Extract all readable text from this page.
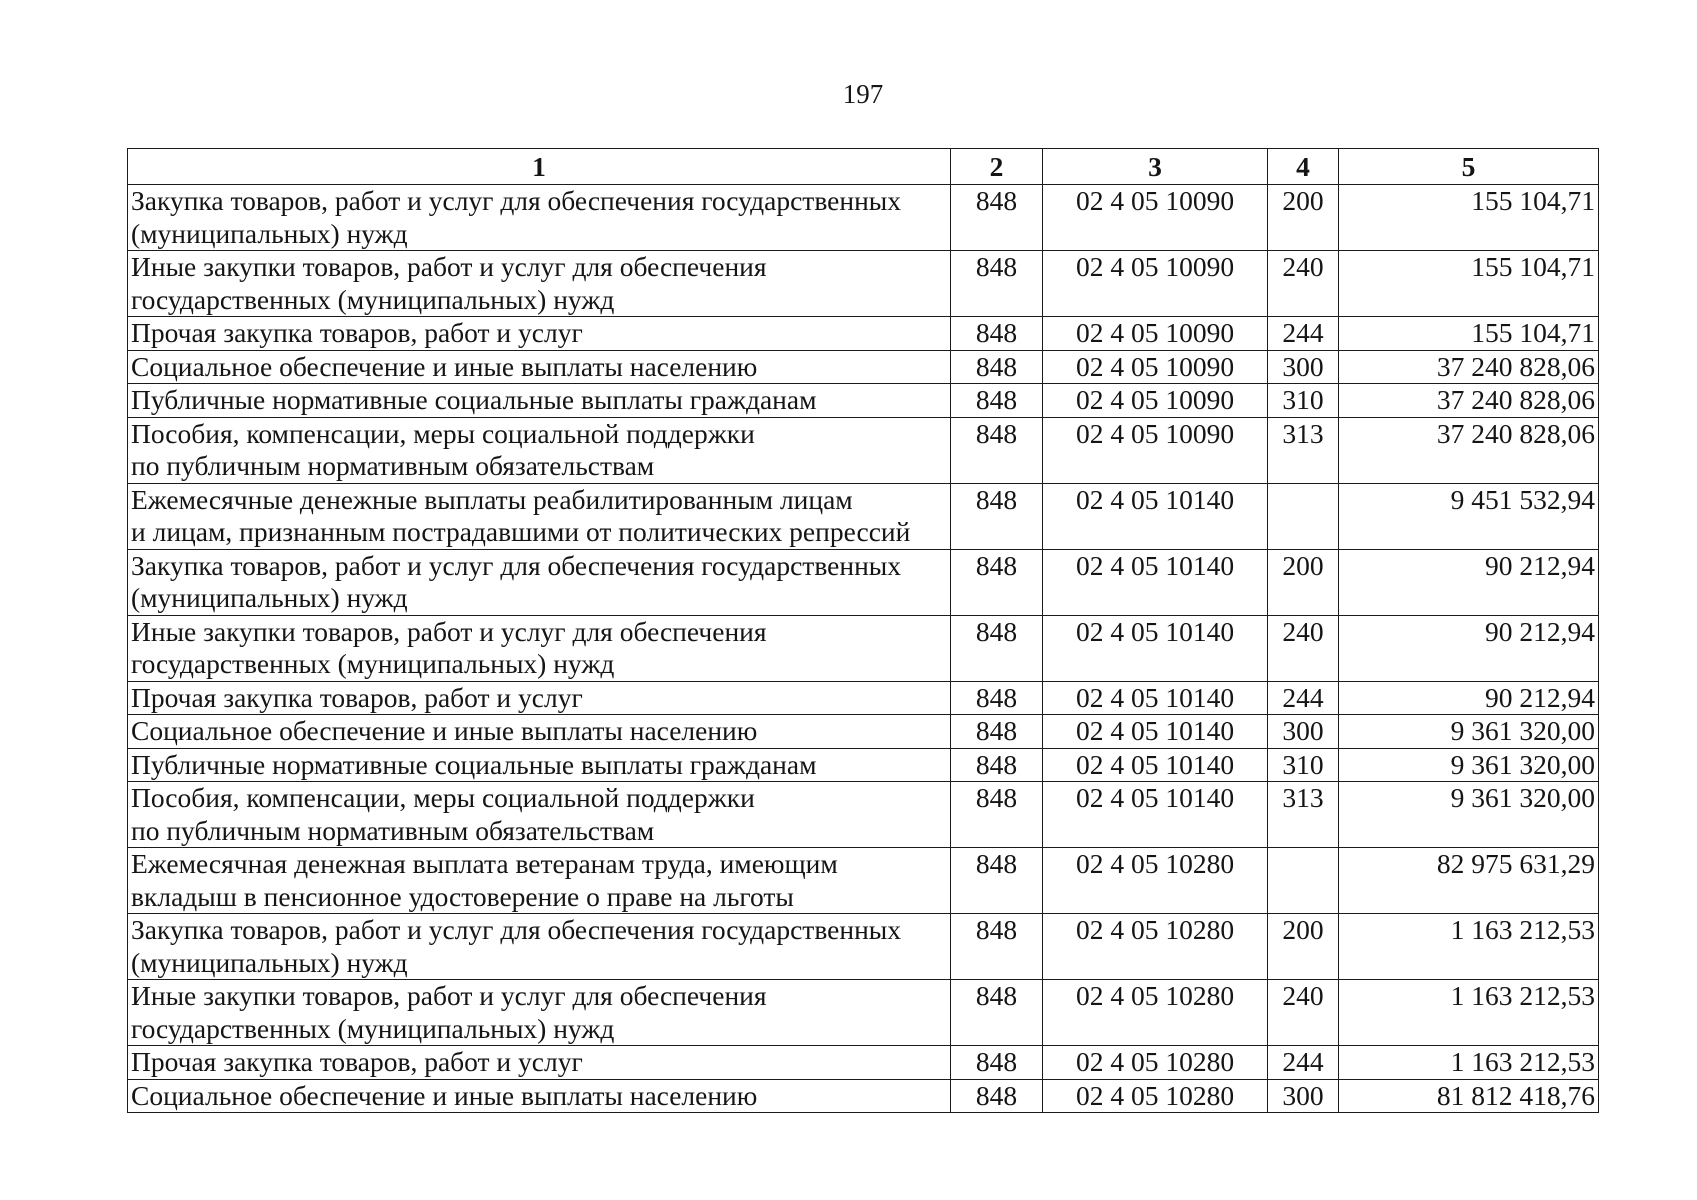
197
1	2	3	4	5
Закупка товаров, работ и услуг для обеспечения государственных
(муниципальных) нужд	848	02 4 05 10090	200	155 104,71
Иные закупки товаров, работ и услуг для обеспечения
государственных (муниципальных) нужд	848	02 4 05 10090	240	155 104,71
Прочая закупка товаров, работ и услуг	848	02 4 05 10090	244	155 104,71
Социальное обеспечение и иные выплаты населению	848	02 4 05 10090	300	37 240 828,06
Публичные нормативные социальные выплаты гражданам	848	02 4 05 10090	310	37 240 828,06
Пособия, компенсации, меры социальной поддержки
по публичным нормативным обязательствам	848	02 4 05 10090	313	37 240 828,06
Ежемесячные денежные выплаты реабилитированным лицам
и лицам, признанным пострадавшими от политических репрессий	848	02 4 05 10140		9 451 532,94
Закупка товаров, работ и услуг для обеспечения государственных
(муниципальных) нужд	848	02 4 05 10140	200	90 212,94
Иные закупки товаров, работ и услуг для обеспечения
государственных (муниципальных) нужд	848	02 4 05 10140	240	90 212,94
Прочая закупка товаров, работ и услуг	848	02 4 05 10140	244	90 212,94
Социальное обеспечение и иные выплаты населению	848	02 4 05 10140	300	9 361 320,00
Публичные нормативные социальные выплаты гражданам	848	02 4 05 10140	310	9 361 320,00
Пособия, компенсации, меры социальной поддержки
по публичным нормативным обязательствам	848	02 4 05 10140	313	9 361 320,00
Ежемесячная денежная выплата ветеранам труда, имеющим
вкладыш в пенсионное удостоверение о праве на льготы	848	02 4 05 10280		82 975 631,29
Закупка товаров, работ и услуг для обеспечения государственных
(муниципальных) нужд	848	02 4 05 10280	200	1 163 212,53
Иные закупки товаров, работ и услуг для обеспечения
государственных (муниципальных) нужд	848	02 4 05 10280	240	1 163 212,53
Прочая закупка товаров, работ и услуг	848	02 4 05 10280	244	1 163 212,53
Социальное обеспечение и иные выплаты населению	848	02 4 05 10280	300	81 812 418,76
